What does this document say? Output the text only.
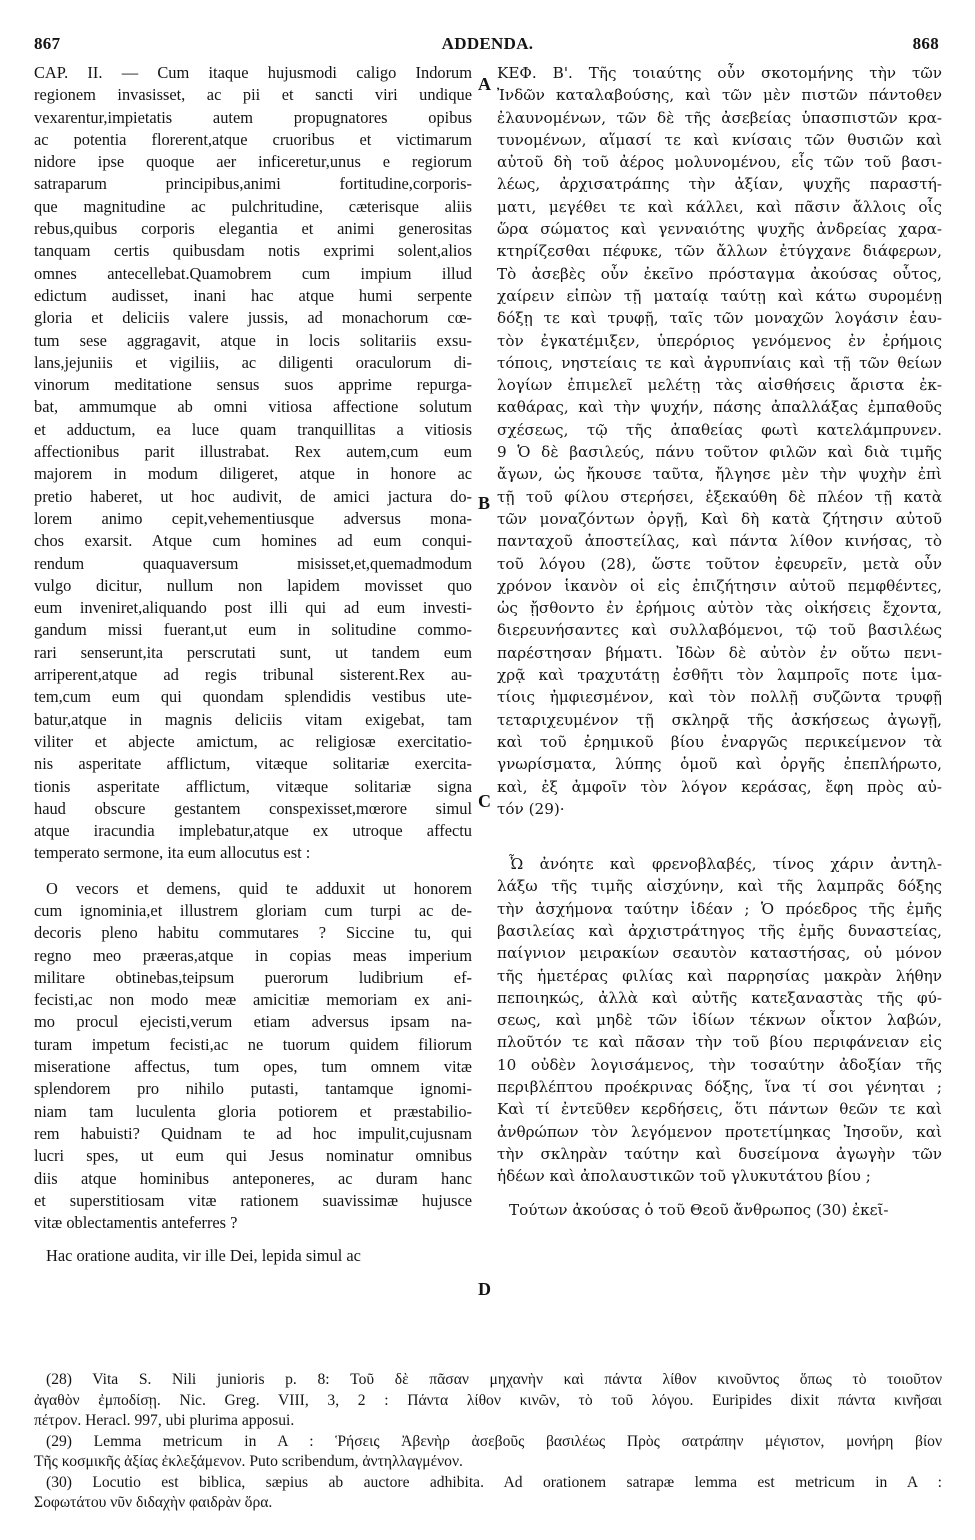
867	ADDENDA.	868
CAP. II. — Cum itaque hujusmodi caligo Indorum
regionem invasisset, ac pii et sancti viri undique
vexarentur,impietatis autem propugnatores opibus
ac potentia florerent,atque cruoribus et victimarum
nidore ipse quoque aer inficeretur,unus e regiorum
satraparum principibus,animi fortitudine,corporis-
que magnitudine ac pulchritudine, cæterisque aliis
rebus,quibus corporis elegantia et animi generositas
tanquam certis quibusdam notis exprimi solent,alios
omnes antecellebat.Quamobrem cum impium illud
edictum audisset, inani hac atque humi serpente
gloria et deliciis valere jussis, ad monachorum cœ-
tum sese aggragavit, atque in locis solitariis exsu-
lans,jejuniis et vigiliis, ac diligenti oraculorum di-
vinorum meditatione sensus suos apprime repurga-
bat, ammumque ab omni vitiosa affectione solutum
et adductum, ea luce quam tranquillitas a vitiosis
affectionibus parit illustrabat. Rex autem,cum eum
majorem in modum diligeret, atque in honore ac
pretio haberet, ut hoc audivit, de amici jactura do-
lorem animo cepit,vehementiusque adversus mona-
chos exarsit. Atque cum homines ad eum conqui-
rendum quaquaversum misisset,et,quemadmodum
vulgo dicitur, nullum non lapidem movisset quo
eum inveniret,aliquando post illi qui ad eum investi-
gandum missi fuerant,ut eum in solitudine commo-
rari senserunt,ita perscrutati sunt, ut tandem eum
arriperent,atque ad regis tribunal sisterent.Rex au-
tem,cum eum qui quondam splendidis vestibus ute-
batur,atque in magnis deliciis vitam exigebat, tam
viliter et abjecte amictum, ac religiosæ exercitatio-
nis asperitate afflictum, vitæque solitariæ exercita-
tionis asperitate afflictum, vitæque solitariæ signa
haud obscure gestantem conspexisset,mœrore simul
atque iracundia implebatur,atque ex utroque affectu
temperato sermone, ita eum allocutus est :
O vecors et demens, quid te adduxit ut honorem
cum ignominia,et illustrem gloriam cum turpi ac de-
decoris pleno habitu commutares ? Siccine tu, qui
regno meo præeras,atque in copias meas imperium
militare obtinebas,teipsum puerorum ludibrium ef-
fecisti,ac non modo meæ amicitiæ memoriam ex ani-
mo procul ejecisti,verum etiam adversus ipsam na-
turam impetum fecisti,ac ne tuorum quidem filiorum
miseratione affectus, tum opes, tum omnem vitæ
splendorem pro nihilo putasti, tantamque ignomi-
niam tam luculenta gloria potiorem et præstabilio-
rem habuisti? Quidnam te ad hoc impulit,cujusnam
lucri spes, ut eum qui Jesus nominatur omnibus
diis atque hominibus anteponeres, ac duram hanc
et superstitiosam vitæ rationem suavissimæ hujusce
vitæ oblectamentis anteferres ?
Hac oratione audita, vir ille Dei, lepida simul ac
ΚΕΦ. Β'. Τῆς τοιαύτης οὖν σκοτομήνης τὴν τῶν
Ἰνδῶν καταλαβούσης, καὶ τῶν μὲν πιστῶν πάντοθεν
ἐλαυνομένων, τῶν δὲ τῆς ἀσεβείας ὑπασπιστῶν κρα-
τυνομένων, αἵμασί τε καὶ κνίσαις τῶν θυσιῶν καὶ
αὐτοῦ δὴ τοῦ ἀέρος μολυνομένου, εἷς τῶν τοῦ βασι-
λέως, ἀρχισατράπης τὴν ἀξίαν, ψυχῆς παραστή-
ματι, μεγέθει τε καὶ κάλλει, καὶ πᾶσιν ἄλλοις οἷς
ὥρα σώματος καὶ γενναιότης ψυχῆς ἀνδρείας χαρα-
κτηρίζεσθαι πέφυκε, τῶν ἄλλων ἐτύγχανε διάφερων,
Τὸ ἀσεβὲς οὖν ἐκεῖνο πρόσταγμα ἀκούσας οὗτος,
χαίρειν εἰπὼν τῇ ματαίᾳ ταύτῃ καὶ κάτω συρομένῃ
δόξῃ τε καὶ τρυφῇ, ταῖς τῶν μοναχῶν λογάσιν ἑαυ-
τὸν ἐγκατέμιξεν, ὑπερόριος γενόμενος ἐν ἐρήμοις
τόποις, νηστείαις τε καὶ ἀγρυπνίαις καὶ τῇ τῶν θείων
λογίων ἐπιμελεῖ μελέτῃ τὰς αἰσθήσεις ἄριστα ἐκ-
καθάρας, καὶ τὴν ψυχήν, πάσης ἀπαλλάξας ἐμπαθοῦς
σχέσεως, τῷ τῆς ἀπαθείας φωτὶ κατελάμπρυνεν.
9 Ὁ δὲ βασιλεύς, πάνυ τοῦτον φιλῶν καὶ διὰ τιμῆς
ἄγων, ὡς ἤκουσε ταῦτα, ἤλγησε μὲν τὴν ψυχὴν ἐπὶ
τῇ τοῦ φίλου στερήσει, ἐξεκαύθη δὲ πλέον τῇ κατὰ
τῶν μοναζόντων ὀργῇ, Καὶ δὴ κατὰ ζήτησιν αὐτοῦ
πανταχοῦ ἀποστείλας, καὶ πάντα λίθον κινήσας, τὸ
τοῦ λόγου (28), ὥστε τοῦτον ἐφευρεῖν, μετὰ οὖν
χρόνον ἱκανὸν οἱ εἰς ἐπιζήτησιν αὐτοῦ πεμφθέντες,
ὡς ᾔσθοντο ἐν ἐρήμοις αὐτὸν τὰς οἰκήσεις ἔχοντα,
διερευνήσαντες καὶ συλλαβόμενοι, τῷ τοῦ βασιλέως
παρέστησαν βήματι. Ἰδὼν δὲ αὐτὸν ἐν οὕτω πενι-
χρᾷ καὶ τραχυτάτῃ ἐσθῆτι τὸν λαμπροῖς ποτε ἱμα-
τίοις ἠμφιεσμένον, καὶ τὸν πολλῇ συζῶντα τρυφῇ
τεταριχευμένον τῇ σκληρᾷ τῆς ἀσκήσεως ἀγωγῇ,
καὶ τοῦ ἐρημικοῦ βίου ἐναργῶς περικείμενον τὰ
γνωρίσματα, λύπης ὁμοῦ καὶ ὀργῆς ἐπεπλήρωτο,
καὶ, ἐξ ἀμφοῖν τὸν λόγον κεράσας, ἔφη πρὸς αὐ-
τόν (29)·
Ὦ ἀνόητε καὶ φρενοβλαβές, τίνος χάριν ἀντηλ-
λάξω τῆς τιμῆς αἰσχύνην, καὶ τῆς λαμπρᾶς δόξης
τὴν ἀσχήμονα ταύτην ἰδέαν ; Ὁ πρόεδρος τῆς ἐμῆς
βασιλείας καὶ ἀρχιστράτηγος τῆς ἐμῆς δυναστείας,
παίγνιον μειρακίων σεαυτὸν καταστήσας, οὐ μόνον
τῆς ἡμετέρας φιλίας καὶ παρρησίας μακρὰν λήθην
πεποιηκώς, ἀλλὰ καὶ αὐτῆς κατεξαναστὰς τῆς φύ-
σεως, καὶ μηδὲ τῶν ἰδίων τέκνων οἶκτον λαβών,
πλοῦτόν τε καὶ πᾶσαν τὴν τοῦ βίου περιφάνειαν εἰς
10 οὐδὲν λογισάμενος, τὴν τοσαύτην ἀδοξίαν τῆς
περιβλέπτου προέκρινας δόξης, ἵνα τί σοι γένηται ;
Καὶ τί ἐντεῦθεν κερδήσεις, ὅτι πάντων θεῶν τε καὶ
ἀνθρώπων τὸν λεγόμενον προτετίμηκας Ἰησοῦν, καὶ
τὴν σκληρὰν ταύτην καὶ δυσείμονα ἀγωγὴν τῶν
ἡδέων καὶ ἀπολαυστικῶν τοῦ γλυκυτάτου βίου ;
Τούτων ἀκούσας ὁ τοῦ Θεοῦ ἄνθρωπος (30) ἐκεῖ-
A
B
C
D
(28) Vita S. Nili junioris p. 8: Τοῦ δὲ πᾶσαν μηχανὴν καὶ πάντα λίθον κινοῦντος ὅπως τὸ τοιοῦτον
ἀγαθὸν ἐμποδίσῃ. Nic. Greg. VIII, 3, 2 : Πάντα λίθον κινῶν, τὸ τοῦ λόγου. Euripides dixit πάντα κινῆσαι
πέτρον. Heracl. 997, ubi plurima apposui.
(29) Lemma metricum in A : Ῥήσεις Ἀβενὴρ ἀσεβοῦς βασιλέως Πρὸς σατράπην μέγιστον, μονήρη βίον
Τῆς κοσμικῆς ἀξίας ἐκλεξάμενον. Puto scribendum, ἀντηλλαγμένον.
(30) Locutio est biblica, sæpius ab auctore adhibita. Ad orationem satrapæ lemma est metricum in A :
Σοφωτάτου νῦν διδαχὴν φαιδρὰν ὅρα.
